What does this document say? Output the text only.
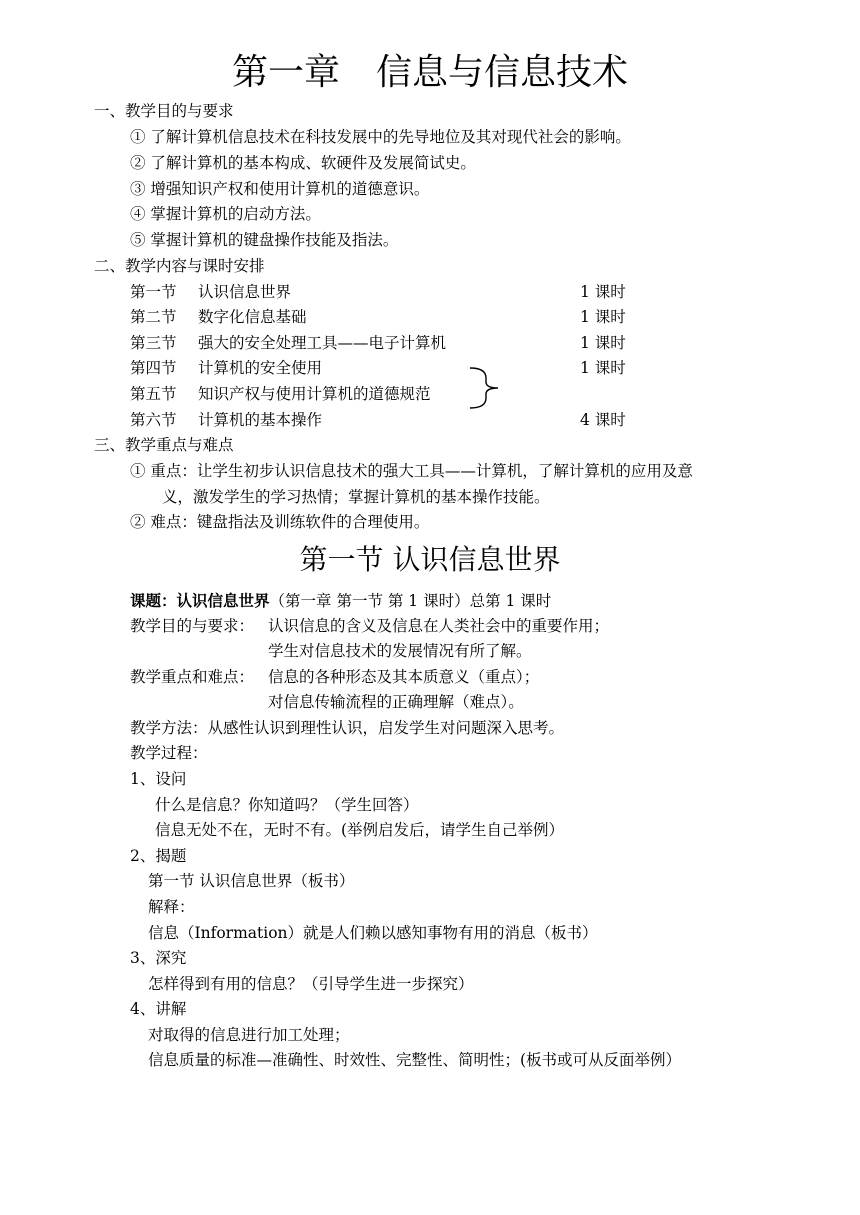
第一章　信息与信息技术
一、教学目的与要求
① 了解计算机信息技术在科技发展中的先导地位及其对现代社会的影响。
② 了解计算机的基本构成、软硬件及发展简试史。
③ 增强知识产权和使用计算机的道德意识。
④ 掌握计算机的启动方法。
⑤ 掌握计算机的键盘操作技能及指法。
二、教学内容与课时安排
第一节 认识信息世界	1 课时
第二节 数字化信息基础	1 课时
第三节 强大的安全处理工具——电子计算机	1 课时
第四节 计算机的安全使用	1 课时
第五节 知识产权与使用计算机的道德规范
第六节 计算机的基本操作	4 课时
三、教学重点与难点
① 重点：让学生初步认识信息技术的强大工具——计算机，了解计算机的应用及意
义，激发学生的学习热情；掌握计算机的基本操作技能。
② 难点：键盘指法及训练软件的合理使用。
第一节 认识信息世界
课题：认识信息世界（第一章 第一节 第 1 课时）总第 1 课时
教学目的与要求： 认识信息的含义及信息在人类社会中的重要作用；
学生对信息技术的发展情况有所了解。
教学重点和难点： 信息的各种形态及其本质意义（重点）；
对信息传输流程的正确理解（难点）。
教学方法：从感性认识到理性认识，启发学生对问题深入思考。
教学过程：
1、设问
什么是信息？你知道吗？（学生回答）
信息无处不在，无时不有。(举例启发后，请学生自己举例）
2、揭题
第一节 认识信息世界（板书）
解释：
信息（Information）就是人们赖以感知事物有用的消息（板书）
3、深究
怎样得到有用的信息？（引导学生进一步探究）
4、讲解
对取得的信息进行加工处理；
信息质量的标准—准确性、时效性、完整性、简明性；(板书或可从反面举例）
